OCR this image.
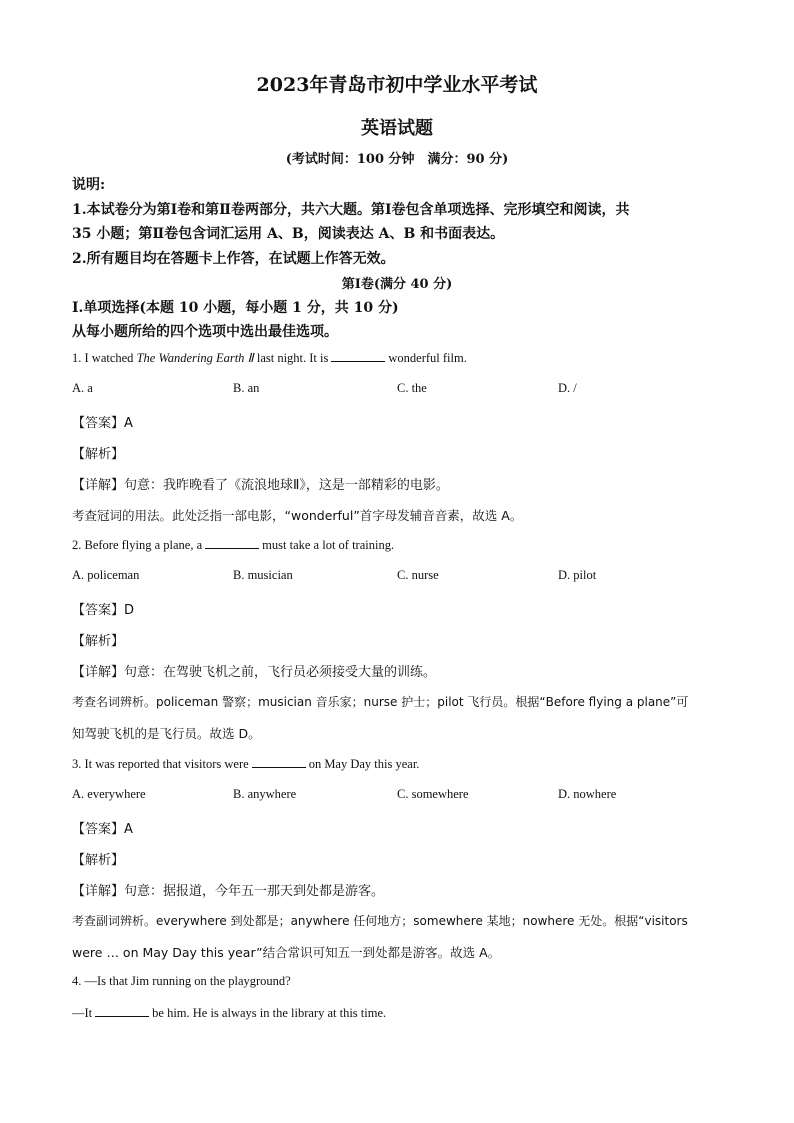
2023年青岛市初中学业水平考试
英语试题
(考试时间：100 分钟　满分：90 分)
说明:
1.本试卷分为第Ⅰ卷和第Ⅱ卷两部分，共六大题。第Ⅰ卷包含单项选择、完形填空和阅读，共
35 小题；第Ⅱ卷包含词汇运用 A、B，阅读表达 A、B 和书面表达。
2.所有题目均在答题卡上作答，在试题上作答无效。
第Ⅰ卷(满分 40 分)
I.单项选择(本题 10 小题，每小题 1 分，共 10 分)
从每小题所给的四个选项中选出最佳选项。
1. I watched The Wandering Earth Ⅱ last night. It is	wonderful film.
A. a	B. an	C. the	D. /
【答案】A
【解析】
【详解】句意：我昨晚看了《流浪地球Ⅱ》，这是一部精彩的电影。
考查冠词的用法。此处泛指一部电影，“wonderful”首字母发辅音音素，故选 A。
2. Before flying a plane, a	must take a lot of training.
A. policeman	B. musician	C. nurse	D. pilot
【答案】D
【解析】
【详解】句意：在驾驶飞机之前，飞行员必须接受大量的训练。
考查名词辨析。policeman 警察；musician 音乐家；nurse 护士；pilot 飞行员。根据“Before flying a plane”可
知驾驶飞机的是飞行员。故选 D。
3. It was reported that visitors were	on May Day this year.
A. everywhere	B. anywhere	C. somewhere	D. nowhere
【答案】A
【解析】
【详解】句意：据报道，今年五一那天到处都是游客。
考查副词辨析。everywhere 到处都是；anywhere 任何地方；somewhere 某地；nowhere 无处。根据“visitors
were … on May Day this year”结合常识可知五一到处都是游客。故选 A。
4. —Is that Jim running on the playground?
—It	be him. He is always in the library at this time.
